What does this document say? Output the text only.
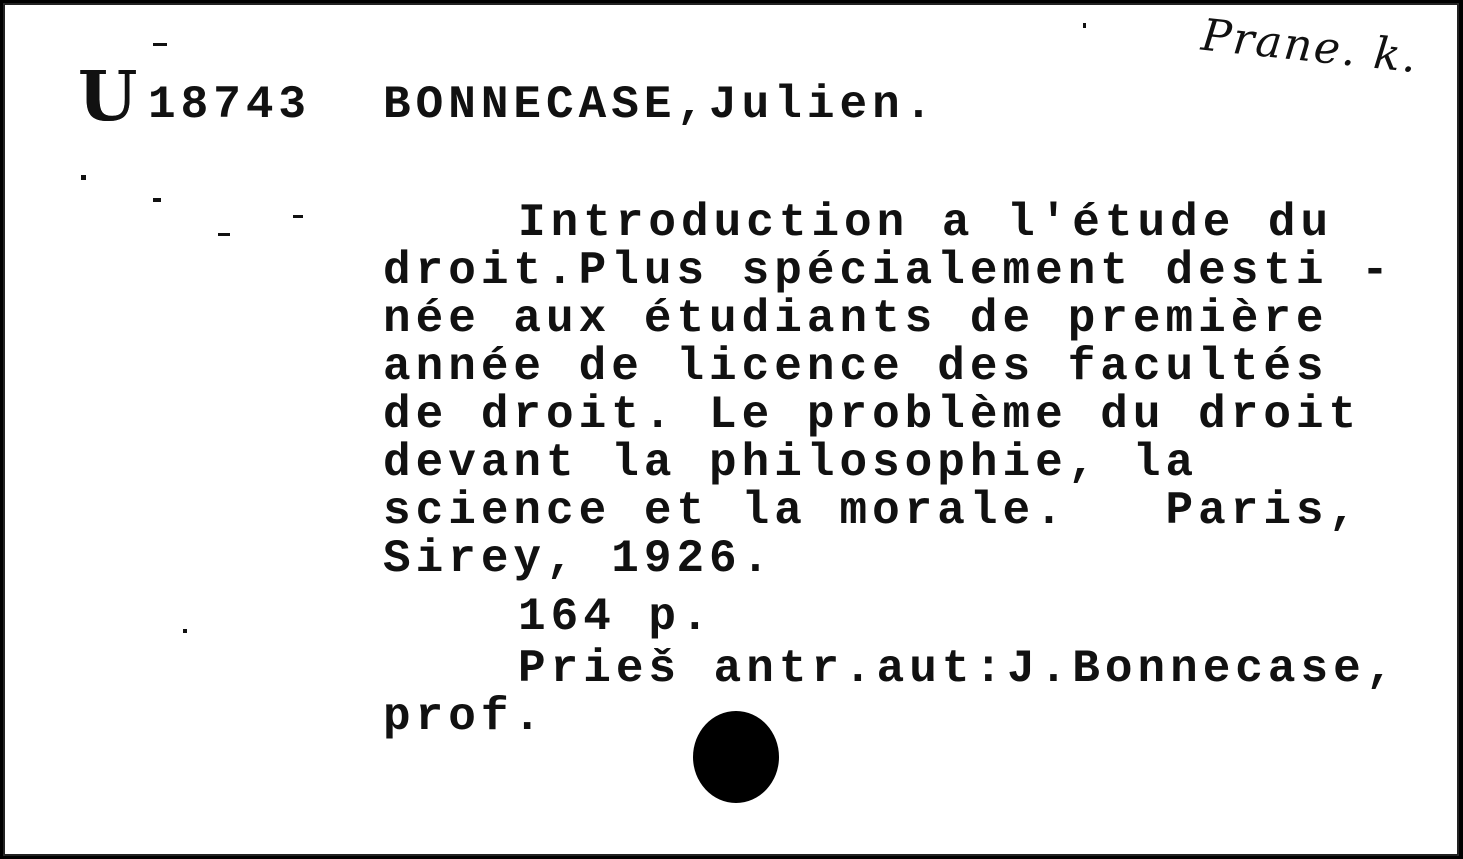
Prane. k.
U 18743 BONNECASE,Julien.
Introduction a l'étude du
droit.Plus spécialement desti -
née aux étudiants de première
année de licence des facultés
de droit. Le problème du droit
devant la philosophie, la
science et la morale.   Paris,
Sirey, 1926.
164 p.
Prieš antr.aut:J.Bonnecase,
prof.
